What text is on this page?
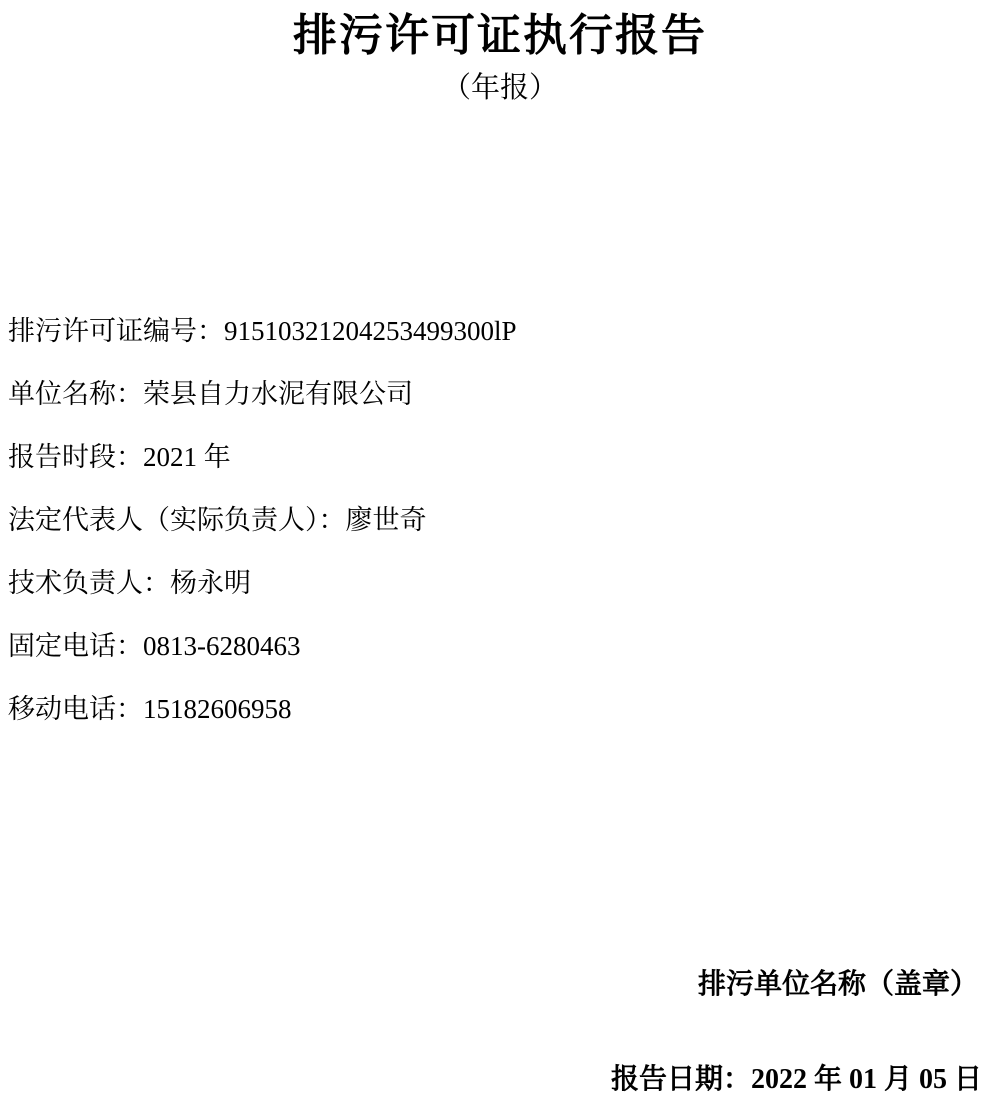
排污许可证执行报告
（年报）
排污许可证编号：91510321204253499300lP
单位名称：荣县自力水泥有限公司
报告时段：2021 年
法定代表人（实际负责人）：廖世奇
技术负责人：杨永明
固定电话：0813-6280463
移动电话：15182606958
排污单位名称（盖章）
报告日期：2022 年 01 月 05 日
